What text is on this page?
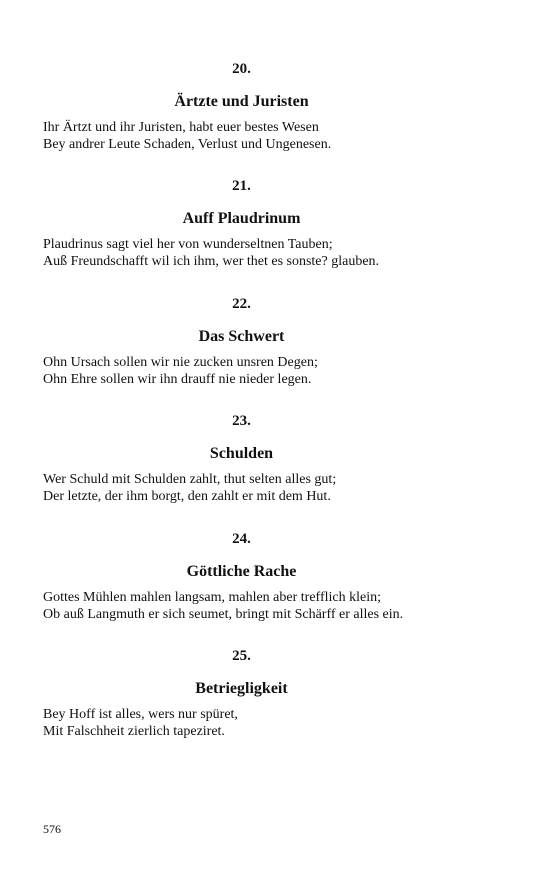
20.
Ärtzte und Juristen
Ihr Ärtzt und ihr Juristen, habt euer bestes Wesen
Bey andrer Leute Schaden, Verlust und Ungenesen.
21.
Auff Plaudrinum
Plaudrinus sagt viel her von wunderseltnen Tauben;
Auß Freundschafft wil ich ihm, wer thet es sonste? glauben.
22.
Das Schwert
Ohn Ursach sollen wir nie zucken unsren Degen;
Ohn Ehre sollen wir ihn drauff nie nieder legen.
23.
Schulden
Wer Schuld mit Schulden zahlt, thut selten alles gut;
Der letzte, der ihm borgt, den zahlt er mit dem Hut.
24.
Göttliche Rache
Gottes Mühlen mahlen langsam, mahlen aber trefflich klein;
Ob auß Langmuth er sich seumet, bringt mit Schärff er alles ein.
25.
Betriegligkeit
Bey Hoff ist alles, wers nur spüret,
Mit Falschheit zierlich tapeziret.
576
